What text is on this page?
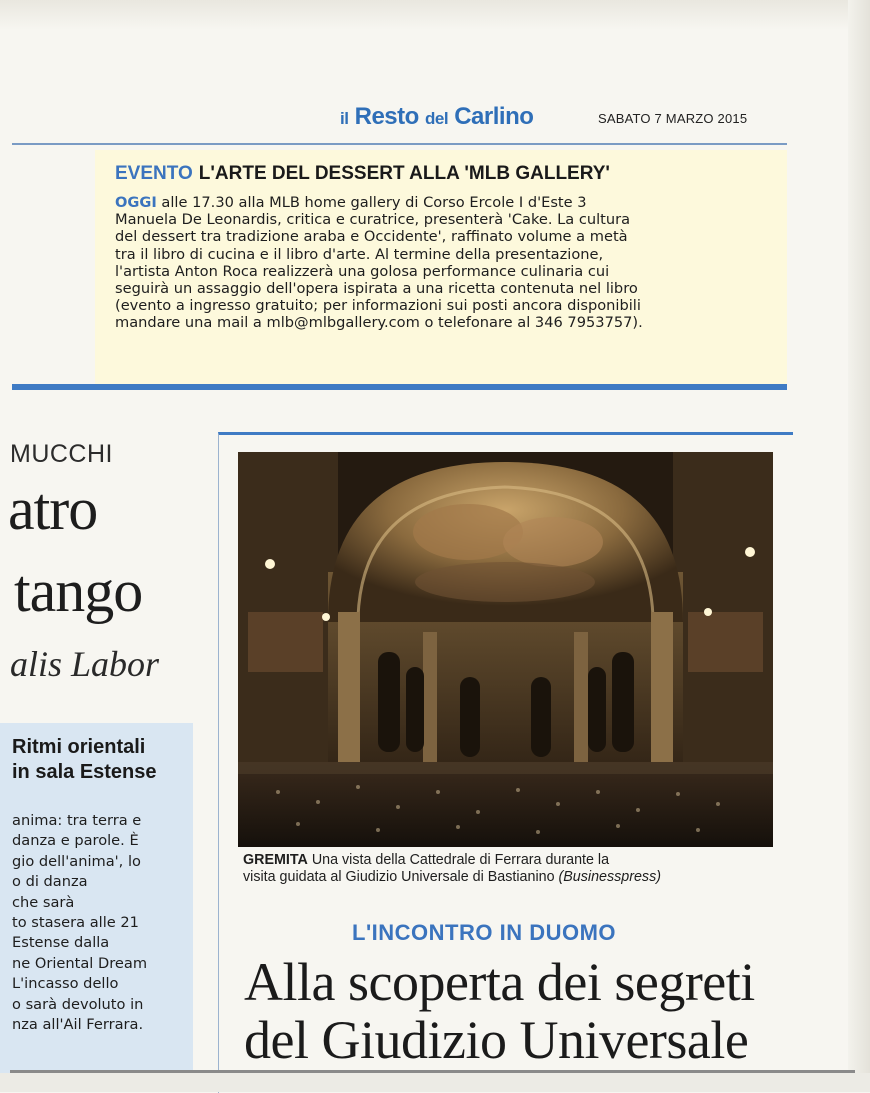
il Resto del Carlino	SABATO 7 MARZO 2015
EVENTO L'ARTE DEL DESSERT ALLA 'MLB GALLERY'
OGGI alle 17.30 alla MLB home gallery di Corso Ercole I d'Este 3
Manuela De Leonardis, critica e curatrice, presenterà 'Cake. La cultura
del dessert tra tradizione araba e Occidente', raffinato volume a metà
tra il libro di cucina e il libro d'arte. Al termine della presentazione,
l'artista Anton Roca realizzerà una golosa performance culinaria cui
seguirà un assaggio dell'opera ispirata a una ricetta contenuta nel libro
(evento a ingresso gratuito; per informazioni sui posti ancora disponibili
mandare una mail a mlb@mlbgallery.com o telefonare al 346 7953757).
MUCCHI
atro
tango
alis Labor
Ritmi orientali
in sala Estense
anima: tra terra e
danza e parole. È
gio dell'anima', lo
o di danza
che sarà
to stasera alle 21
Estense dalla
ne Oriental Dream
L'incasso dello
o sarà devoluto in
nza all'Ail Ferrara.
GREMITA Una vista della Cattedrale di Ferrara durante la
visita guidata al Giudizio Universale di Bastianino (Businesspress)
L'INCONTRO IN DUOMO
Alla scoperta dei segreti
del Giudizio Universale
